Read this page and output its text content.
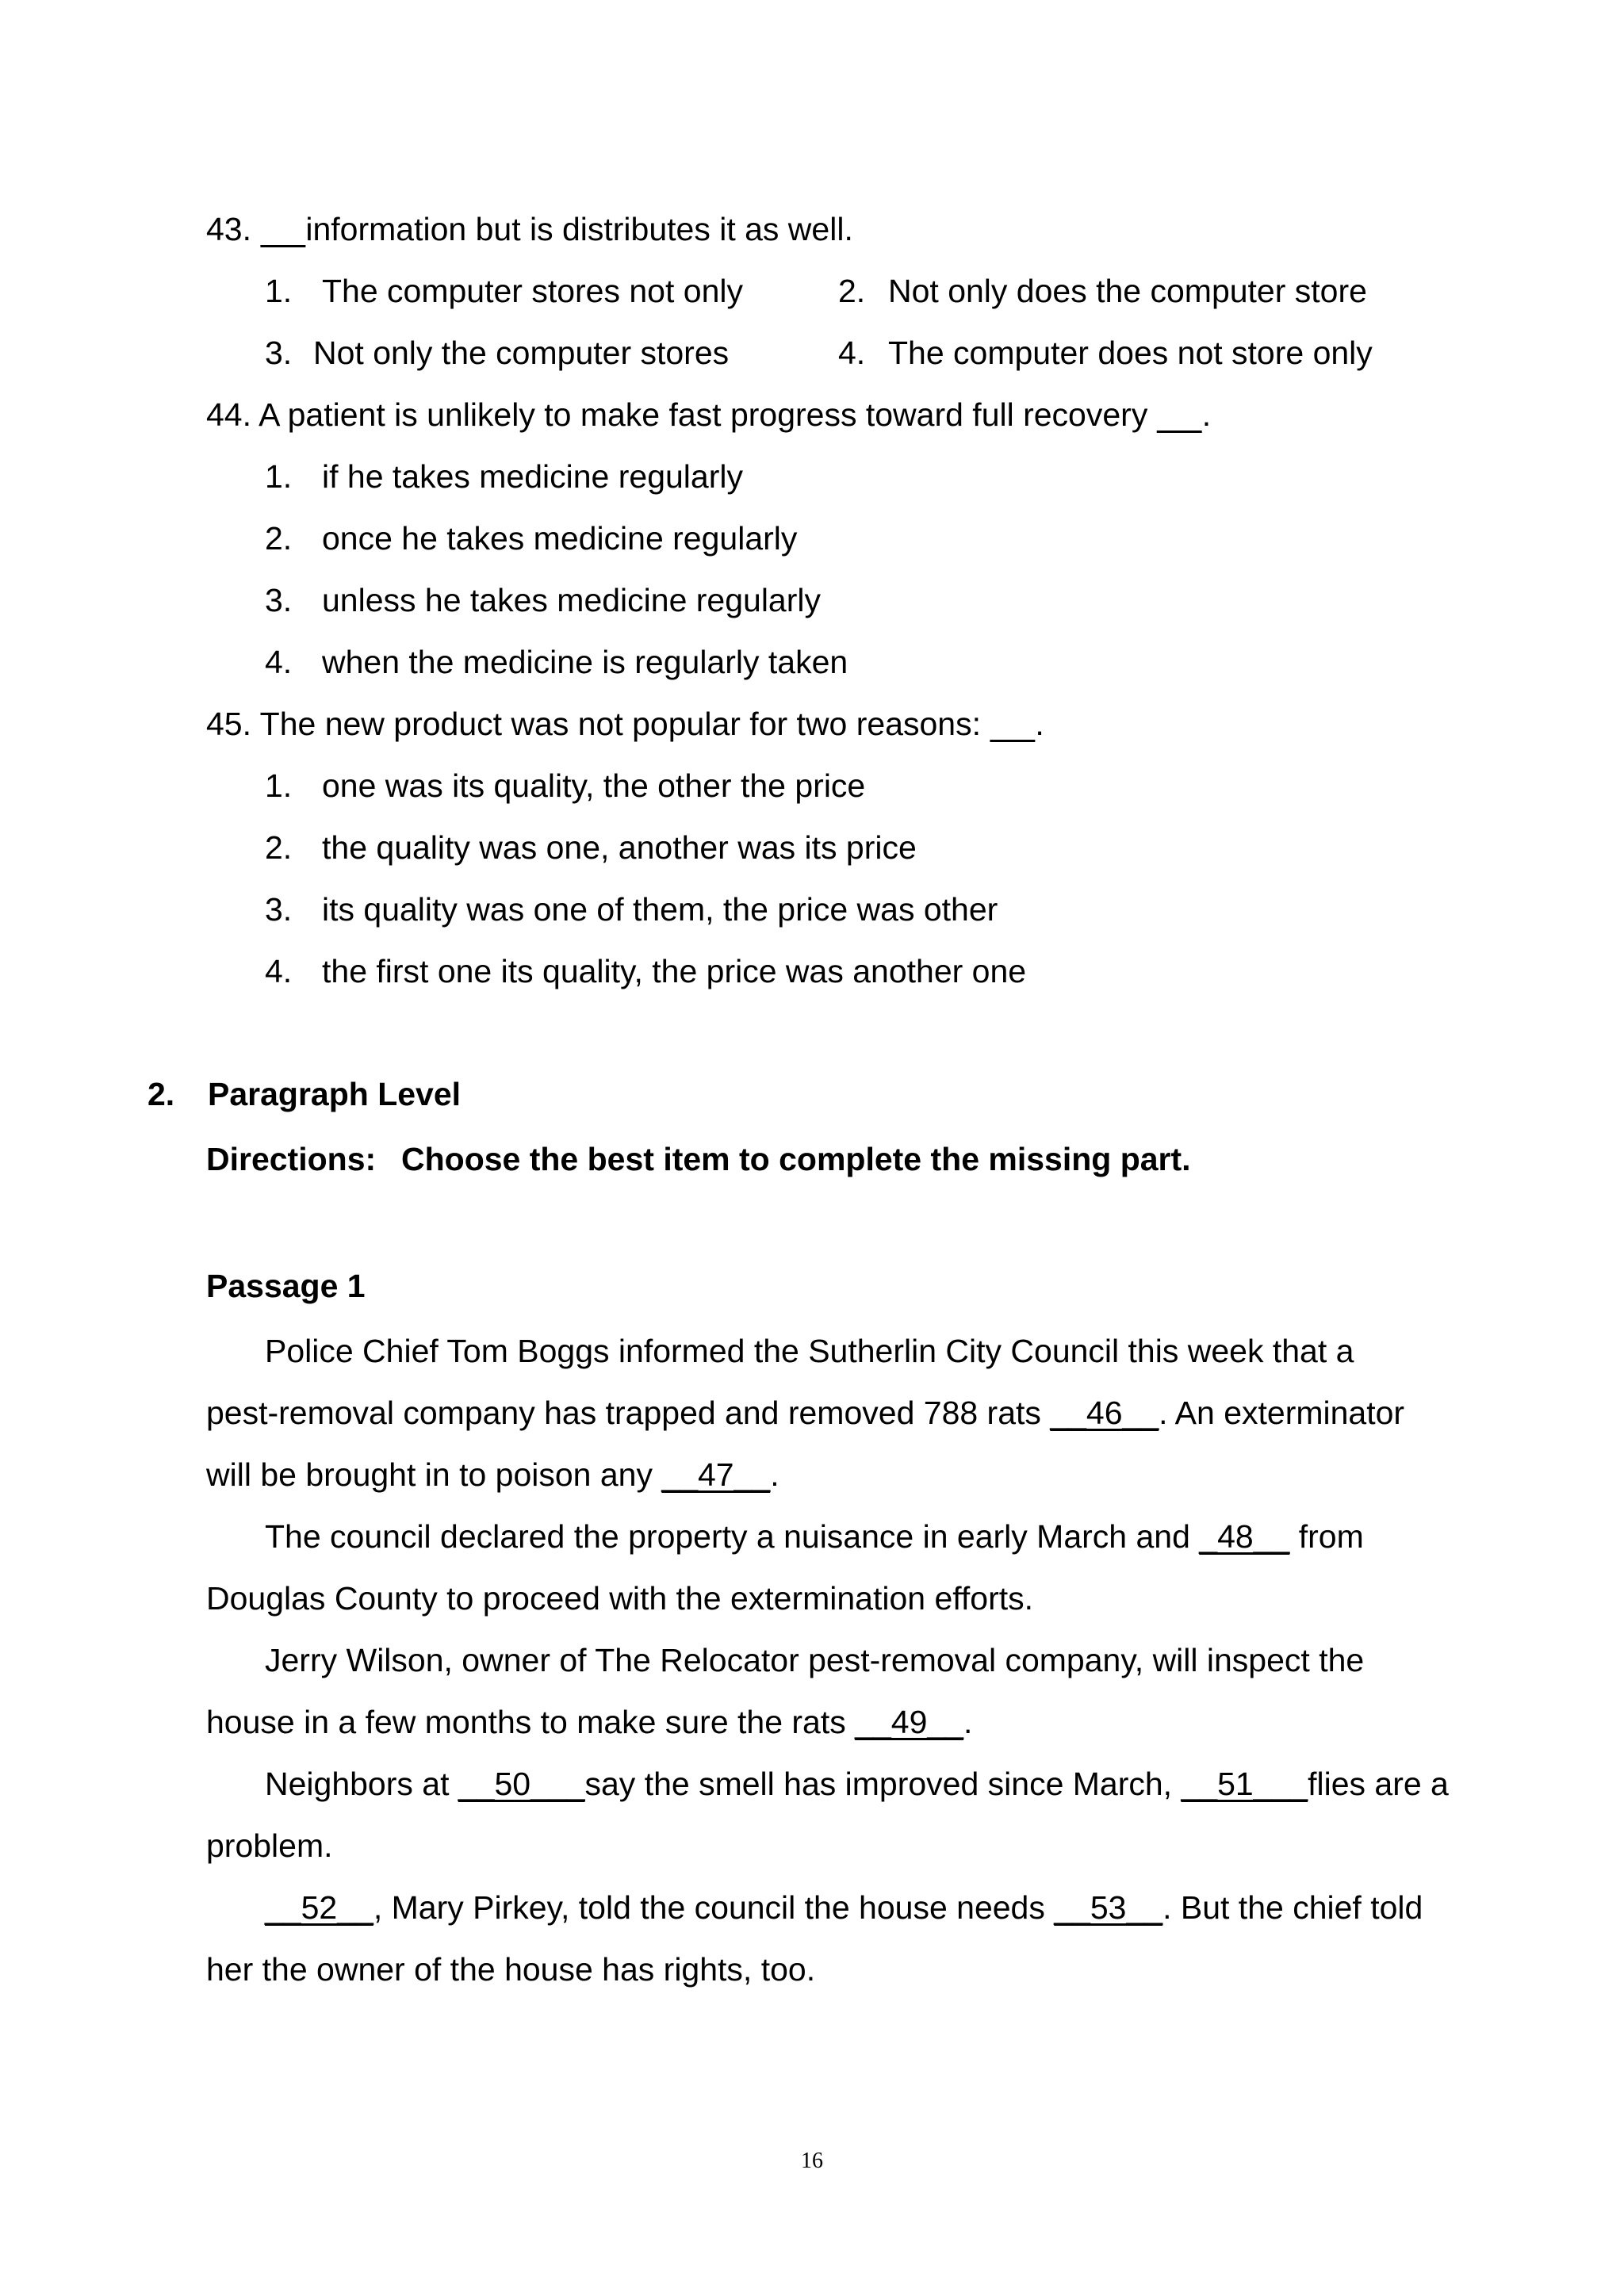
43. information but is distributes it as well.
1. The computer stores not only	2. Not only does the computer store
3. Not only the computer stores	4. The computer does not store only
44. A patient is unlikely to make fast progress toward full recovery .
1. if he takes medicine regularly
2. once he takes medicine regularly
3. unless he takes medicine regularly
4. when the medicine is regularly taken
45. The new product was not popular for two reasons: .
1. one was its quality, the other the price
2. the quality was one, another was its price
3. its quality was one of them, the price was other
4. the first one its quality, the price was another one
2. Paragraph Level
Directions: Choose the best item to complete the missing part.
Passage 1
Police Chief Tom Boggs informed the Sutherlin City Council this week that a
pest-removal company has trapped and removed 788 rats __46__. An exterminator
will be brought in to poison any __47__.
The council declared the property a nuisance in early March and _48__ from
Douglas County to proceed with the extermination efforts.
Jerry Wilson, owner of The Relocator pest-removal company, will inspect the
house in a few months to make sure the rats __49__.
Neighbors at __50___say the smell has improved since March, __51___flies are a
problem.
__52__, Mary Pirkey, told the council the house needs __53__. But the chief told
her the owner of the house has rights, too.
16
